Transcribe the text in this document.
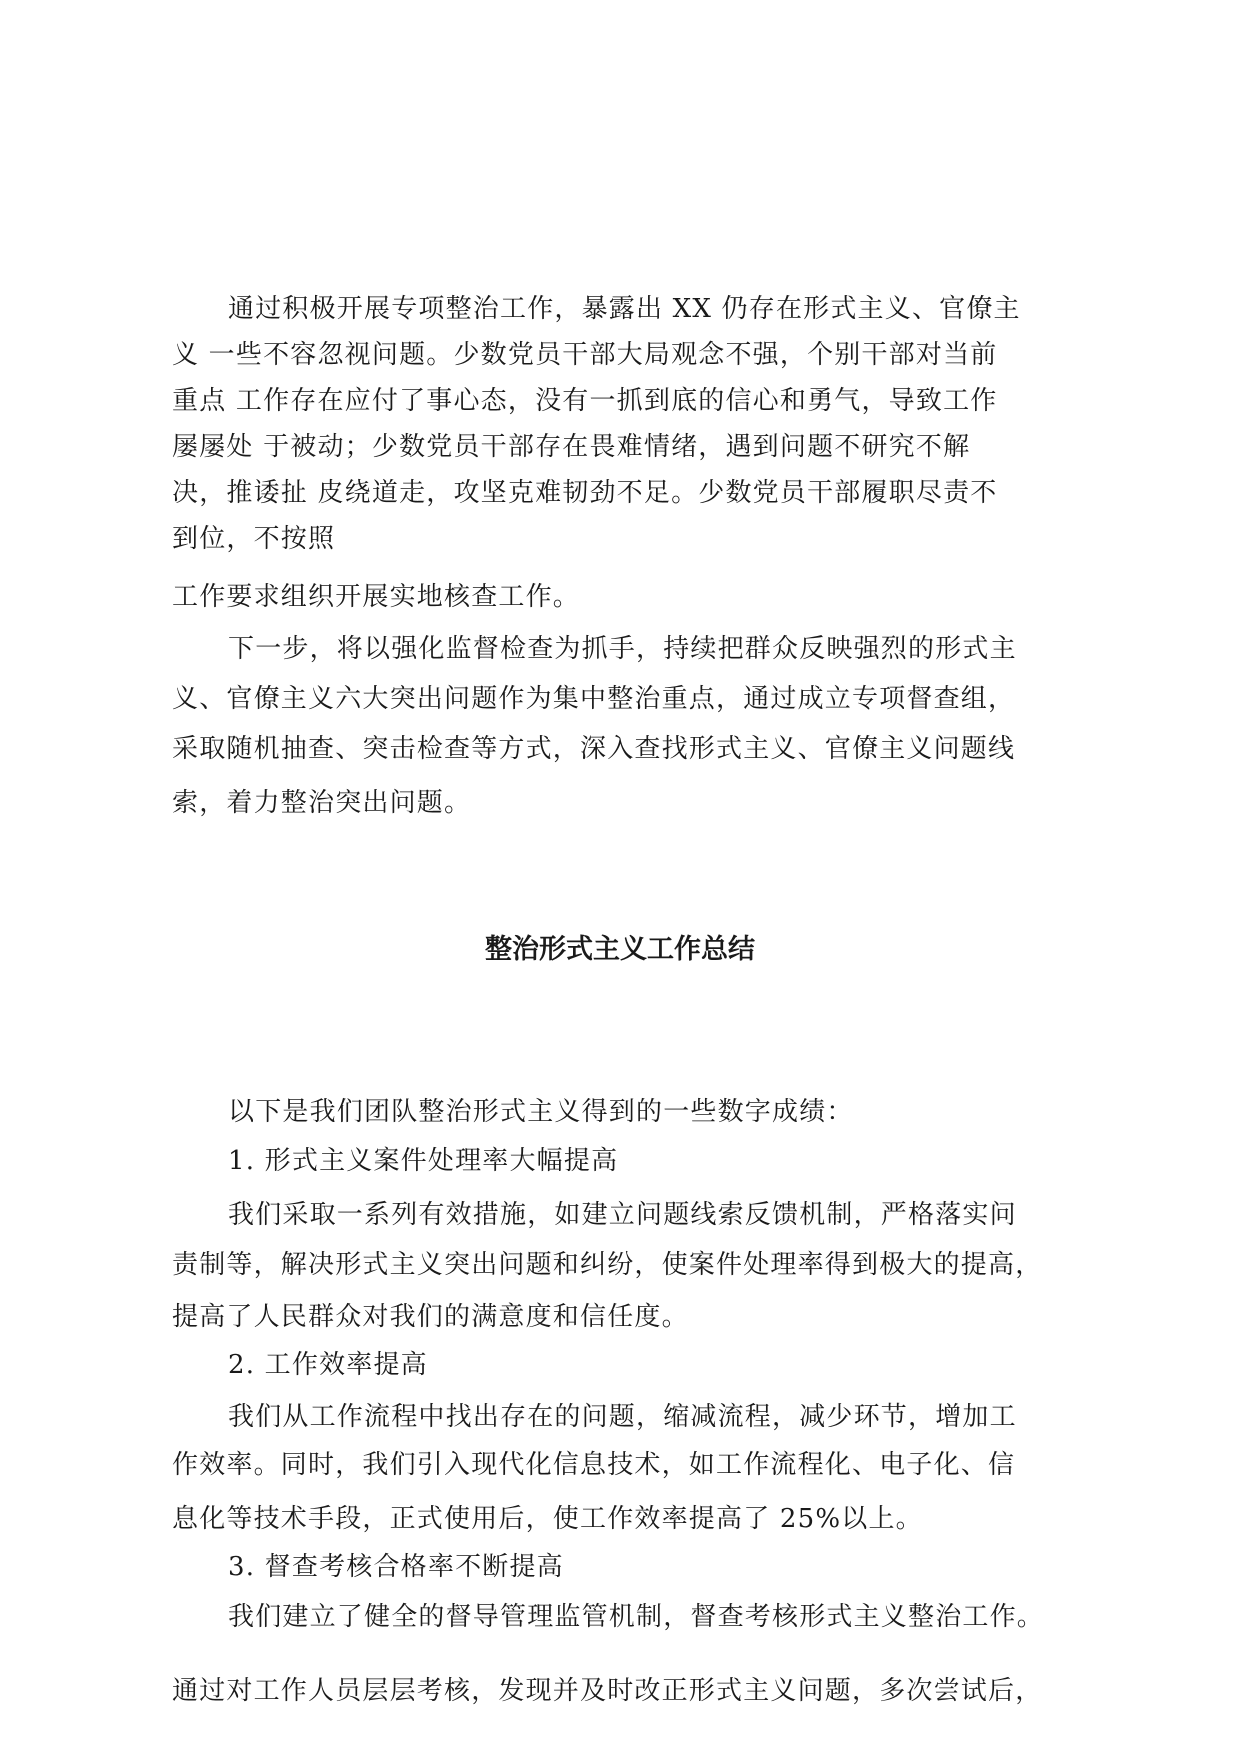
通过积极开展专项整治工作，暴露出 XX 仍存在形式主义、官僚主

义 一些不容忽视问题。少数党员干部大局观念不强，个别干部对当前

重点 工作存在应付了事心态，没有一抓到底的信心和勇气，导致工作

屡屡处 于被动；少数党员干部存在畏难情绪，遇到问题不研究不解

决，推诿扯 皮绕道走，攻坚克难韧劲不足。少数党员干部履职尽责不

到位，不按照

工作要求组织开展实地核查工作。

下一步，将以强化监督检查为抓手，持续把群众反映强烈的形式主

义、官僚主义六大突出问题作为集中整治重点，通过成立专项督查组，

采取随机抽查、突击检查等方式，深入查找形式主义、官僚主义问题线

索，着力整治突出问题。

整治形式主义工作总结

以下是我们团队整治形式主义得到的一些数字成绩：

1. 形式主义案件处理率大幅提高

我们采取一系列有效措施，如建立问题线索反馈机制，严格落实问

责制等，解决形式主义突出问题和纠纷，使案件处理率得到极大的提高，

提高了人民群众对我们的满意度和信任度。

2. 工作效率提高

我们从工作流程中找出存在的问题，缩减流程，减少环节，增加工

作效率。同时，我们引入现代化信息技术，如工作流程化、电子化、信

息化等技术手段，正式使用后，使工作效率提高了 25%以上。

3. 督查考核合格率不断提高

我们建立了健全的督导管理监管机制，督查考核形式主义整治工作。

通过对工作人员层层考核，发现并及时改正形式主义问题，多次尝试后，
